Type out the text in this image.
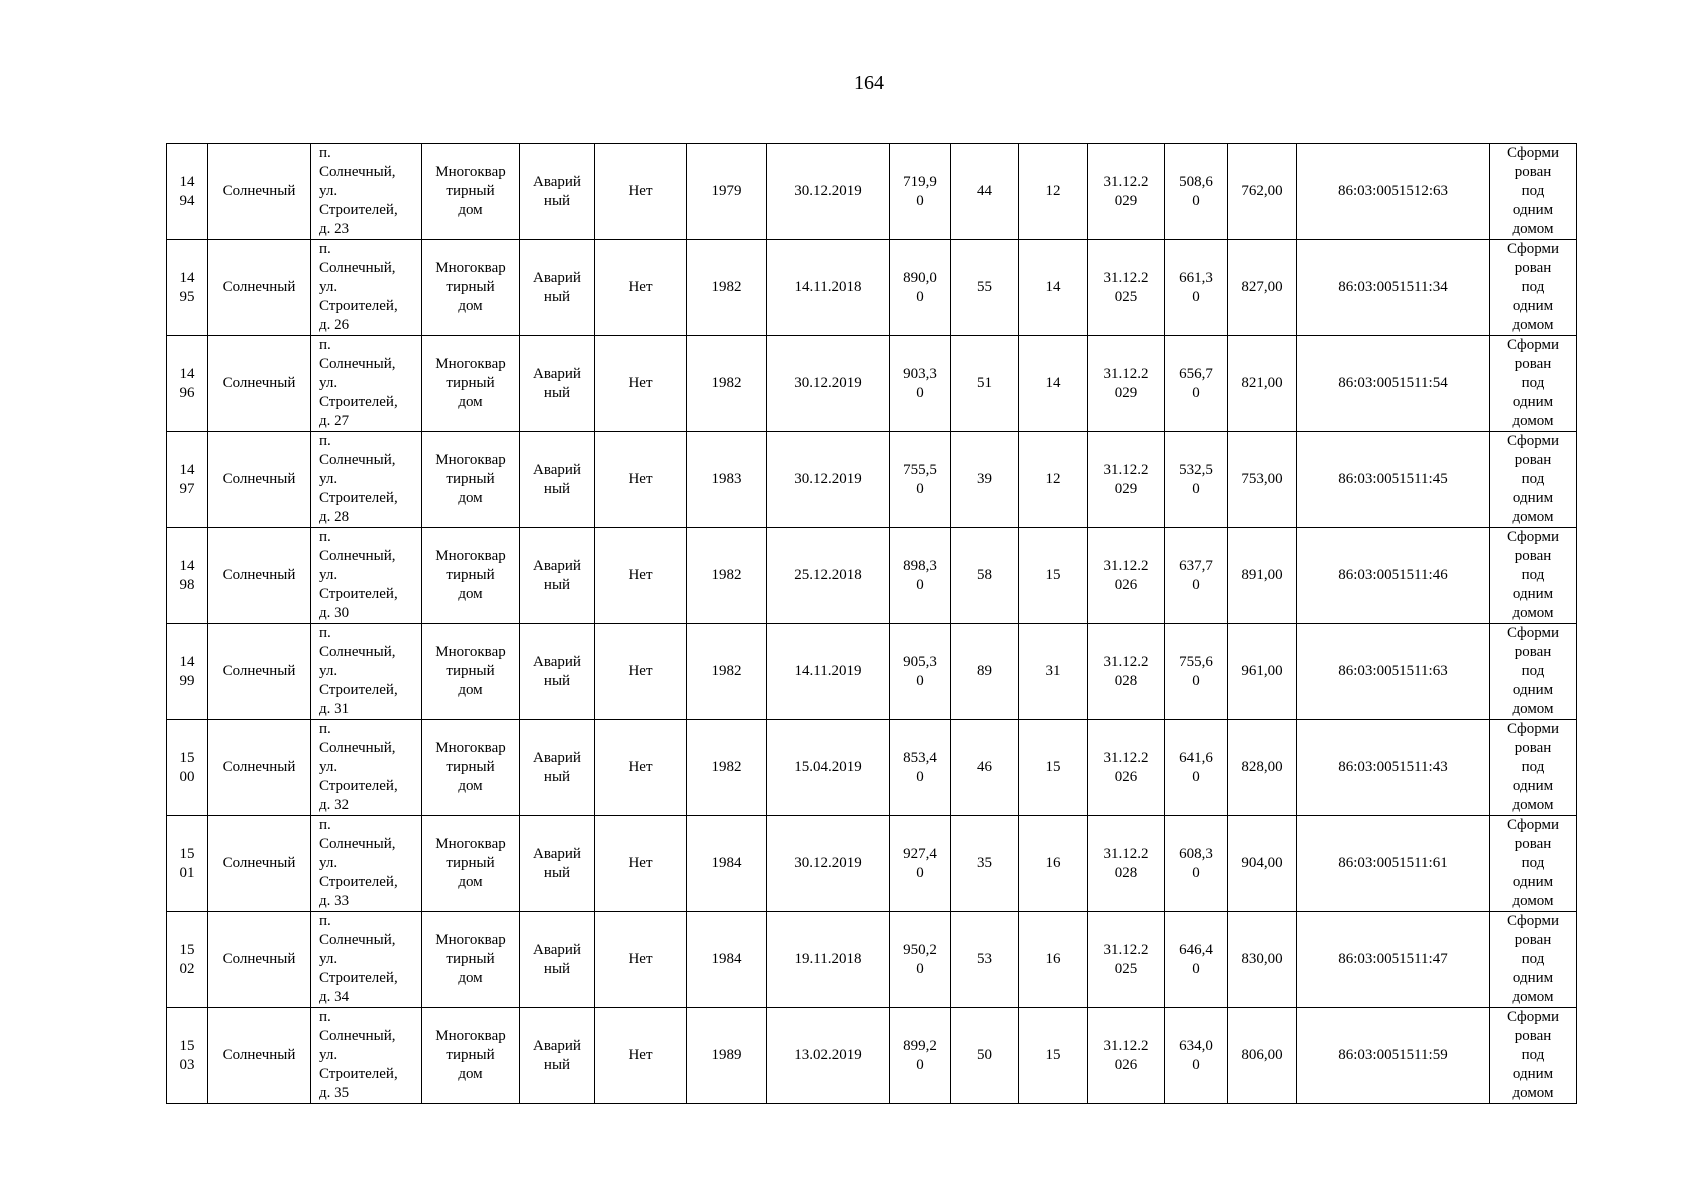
164
14
94	Солнечный	п.
Солнечный,
ул.
Строителей,
д. 23	Многоквар
тирный
дом	Аварий
ный	Нет	1979	30.12.2019	719,9
0	44	12	31.12.2
029	508,6
0	762,00	86:03:0051512:63	Сформи
рован
под
одним
домом

14
95	Солнечный	п.
Солнечный,
ул.
Строителей,
д. 26	Многоквар
тирный
дом	Аварий
ный	Нет	1982	14.11.2018	890,0
0	55	14	31.12.2
025	661,3
0	827,00	86:03:0051511:34	Сформи
рован
под
одним
домом

14
96	Солнечный	п.
Солнечный,
ул.
Строителей,
д. 27	Многоквар
тирный
дом	Аварий
ный	Нет	1982	30.12.2019	903,3
0	51	14	31.12.2
029	656,7
0	821,00	86:03:0051511:54	Сформи
рован
под
одним
домом

14
97	Солнечный	п.
Солнечный,
ул.
Строителей,
д. 28	Многоквар
тирный
дом	Аварий
ный	Нет	1983	30.12.2019	755,5
0	39	12	31.12.2
029	532,5
0	753,00	86:03:0051511:45	Сформи
рован
под
одним
домом

14
98	Солнечный	п.
Солнечный,
ул.
Строителей,
д. 30	Многоквар
тирный
дом	Аварий
ный	Нет	1982	25.12.2018	898,3
0	58	15	31.12.2
026	637,7
0	891,00	86:03:0051511:46	Сформи
рован
под
одним
домом

14
99	Солнечный	п.
Солнечный,
ул.
Строителей,
д. 31	Многоквар
тирный
дом	Аварий
ный	Нет	1982	14.11.2019	905,3
0	89	31	31.12.2
028	755,6
0	961,00	86:03:0051511:63	Сформи
рован
под
одним
домом

15
00	Солнечный	п.
Солнечный,
ул.
Строителей,
д. 32	Многоквар
тирный
дом	Аварий
ный	Нет	1982	15.04.2019	853,4
0	46	15	31.12.2
026	641,6
0	828,00	86:03:0051511:43	Сформи
рован
под
одним
домом

15
01	Солнечный	п.
Солнечный,
ул.
Строителей,
д. 33	Многоквар
тирный
дом	Аварий
ный	Нет	1984	30.12.2019	927,4
0	35	16	31.12.2
028	608,3
0	904,00	86:03:0051511:61	Сформи
рован
под
одним
домом

15
02	Солнечный	п.
Солнечный,
ул.
Строителей,
д. 34	Многоквар
тирный
дом	Аварий
ный	Нет	1984	19.11.2018	950,2
0	53	16	31.12.2
025	646,4
0	830,00	86:03:0051511:47	Сформи
рован
под
одним
домом

15
03	Солнечный	п.
Солнечный,
ул.
Строителей,
д. 35	Многоквар
тирный
дом	Аварий
ный	Нет	1989	13.02.2019	899,2
0	50	15	31.12.2
026	634,0
0	806,00	86:03:0051511:59	Сформи
рован
под
одним
домом
